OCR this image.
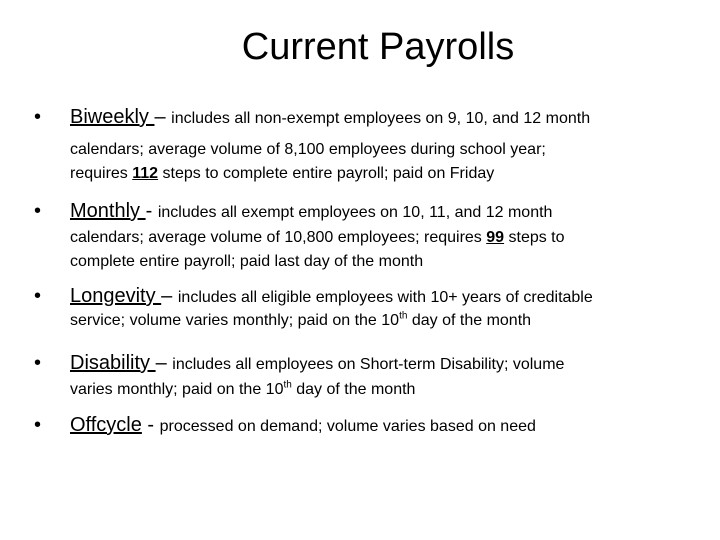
Current Payrolls
• Biweekly – includes all non-exempt employees on 9, 10, and 12 month
calendars; average volume of 8,100 employees during school year;
requires 112 steps to complete entire payroll; paid on Friday
• Monthly - includes all exempt employees on 10, 11, and 12 month
calendars; average volume of 10,800 employees; requires 99 steps to
complete entire payroll; paid last day of the month
• Longevity – includes all eligible employees with 10+ years of creditable
service; volume varies monthly; paid on the 10th day of the month
• Disability – includes all employees on Short-term Disability; volume
varies monthly; paid on the 10th day of the month
• Offcycle - processed on demand; volume varies based on need
